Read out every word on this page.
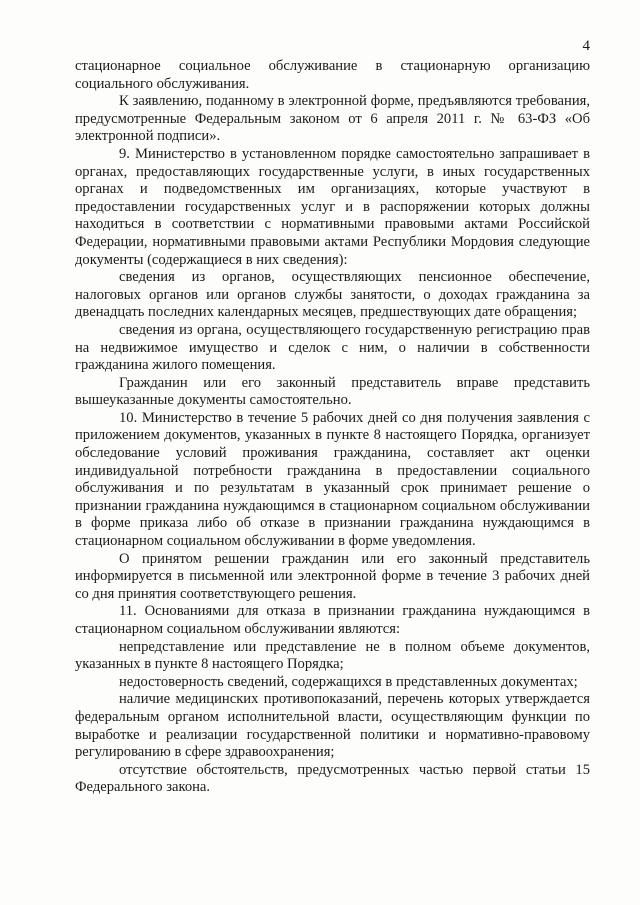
4

стационарное социальное обслуживание в стационарную организацию социального обслуживания.

К заявлению, поданному в электронной форме, предъявляются требования, предусмотренные Федеральным законом от 6 апреля 2011 г. № 63-ФЗ «Об электронной подписи».

9. Министерство в установленном порядке самостоятельно запрашивает в органах, предоставляющих государственные услуги, в иных государственных органах и подведомственных им организациях, которые участвуют в предоставлении государственных услуг и в распоряжении которых должны находиться в соответствии с нормативными правовыми актами Российской Федерации, нормативными правовыми актами Республики Мордовия следующие документы (содержащиеся в них сведения):

сведения из органов, осуществляющих пенсионное обеспечение, налоговых органов или органов службы занятости, о доходах гражданина за двенадцать последних календарных месяцев, предшествующих дате обращения;

сведения из органа, осуществляющего государственную регистрацию прав на недвижимое имущество и сделок с ним, о наличии в собственности гражданина жилого помещения.

Гражданин или его законный представитель вправе представить вышеуказанные документы самостоятельно.

10. Министерство в течение 5 рабочих дней со дня получения заявления с приложением документов, указанных в пункте 8 настоящего Порядка, организует обследование условий проживания гражданина, составляет акт оценки индивидуальной потребности гражданина в предоставлении социального обслуживания и по результатам в указанный срок принимает решение о признании гражданина нуждающимся в стационарном социальном обслуживании в форме приказа либо об отказе в признании гражданина нуждающимся в стационарном социальном обслуживании в форме уведомления.

О принятом решении гражданин или его законный представитель информируется в письменной или электронной форме в течение 3 рабочих дней со дня принятия соответствующего решения.

11. Основаниями для отказа в признании гражданина нуждающимся в стационарном социальном обслуживании являются:

непредставление или представление не в полном объеме документов, указанных в пункте 8 настоящего Порядка;

недостоверность сведений, содержащихся в представленных документах;

наличие медицинских противопоказаний, перечень которых утверждается федеральным органом исполнительной власти, осуществляющим функции по выработке и реализации государственной политики и нормативно-правовому регулированию в сфере здравоохранения;

отсутствие обстоятельств, предусмотренных частью первой статьи 15 Федерального закона.
